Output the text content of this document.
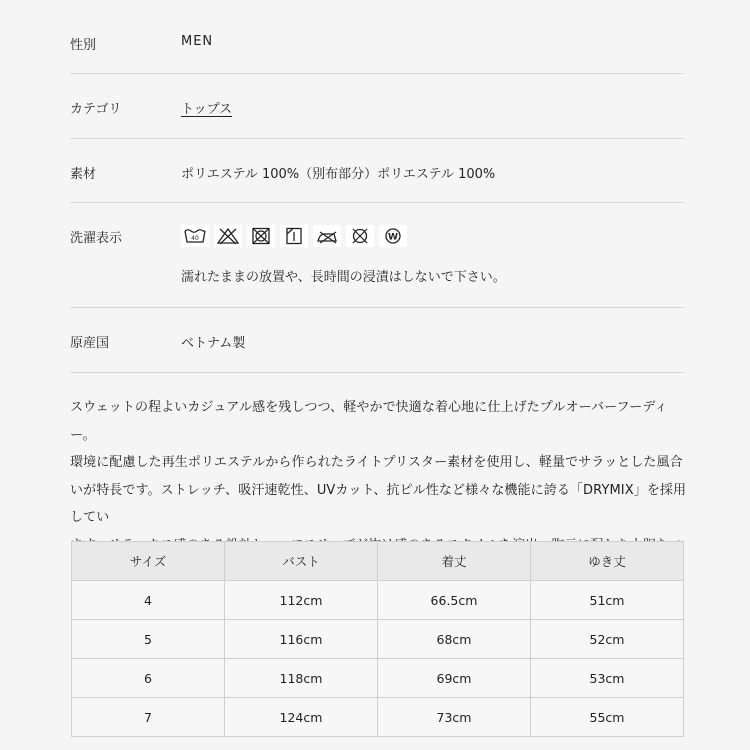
性別	MEN
カテゴリ	トップス
素材	ポリエステル 100%（別布部分）ポリエステル 100%
洗濯表示	40	W
濡れたままの放置や、長時間の浸漬はしないで下さい。
原産国	ベトナム製
スウェットの程よいカジュアル感を残しつつ、軽やかで快適な着心地に仕上げたプルオーバーフーディー。
環境に配慮した再生ポリエステルから作られたライトプリスター素材を使用し、軽量でサラッとした風合
いが特長です。ストレッチ、吸汗速乾性、UVカット、抗ピル性など様々な機能に誇る「DRYMIX」を採用してい
サイズ	バスト	着丈	ゆき丈
4	112cm	66.5cm	51cm
5	116cm	68cm	52cm
6	118cm	69cm	53cm
7	124cm	73cm	55cm
